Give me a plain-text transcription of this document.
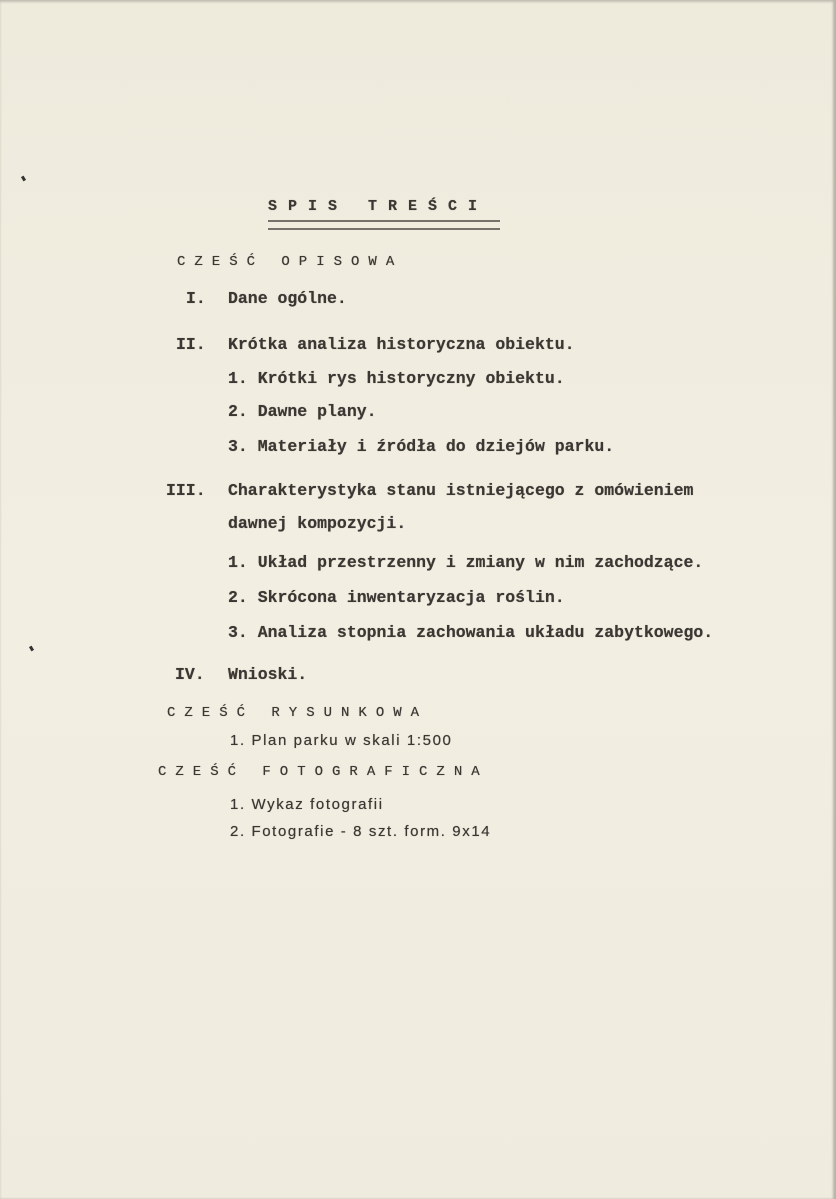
SPIS TREŚCI
CZEŚĆ OPISOWA
I. Dane ogólne.
II. Krótka analiza historyczna obiektu.
1. Krótki rys historyczny obiektu.
2. Dawne plany.
3. Materiały i źródła do dziejów parku.
III. Charakterystyka stanu istniejącego z omówieniem
dawnej kompozycji.
1. Układ przestrzenny i zmiany w nim zachodzące.
2. Skrócona inwentaryzacja roślin.
3. Analiza stopnia zachowania układu zabytkowego.
IV. Wnioski.
CZEŚĆ RYSUNKOWA
1. Plan parku w skali 1:500
CZEŚĆ FOTOGRAFICZNA
1. Wykaz fotografii
2. Fotografie - 8 szt. form. 9x14
